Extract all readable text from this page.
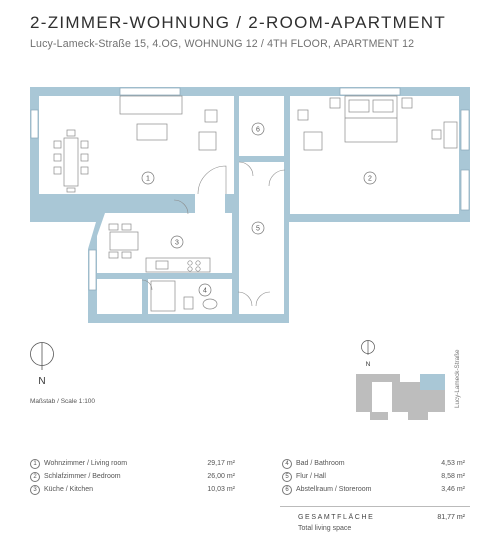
2-ZIMMER-WOHNUNG / 2-ROOM-APARTMENT
Lucy-Lameck-Straße 15, 4.OG, WOHNUNG 12 / 4TH FLOOR, APARTMENT 12
1	2
3
4
5
6
N
Maßstab / Scale 1:100
N	Lucy-Lameck-Straße
1	Wohnzimmer / Living room	29,17 m²
2	Schlafzimmer / Bedroom	26,00 m²
3	Küche / Kitchen	10,03 m²
4	Bad / Bathroom	4,53 m²
5	Flur / Hall	8,58 m²
6	Abstellraum / Storeroom	3,46 m²
GESAMTFLÄCHE
Total living space
81,77 m²
